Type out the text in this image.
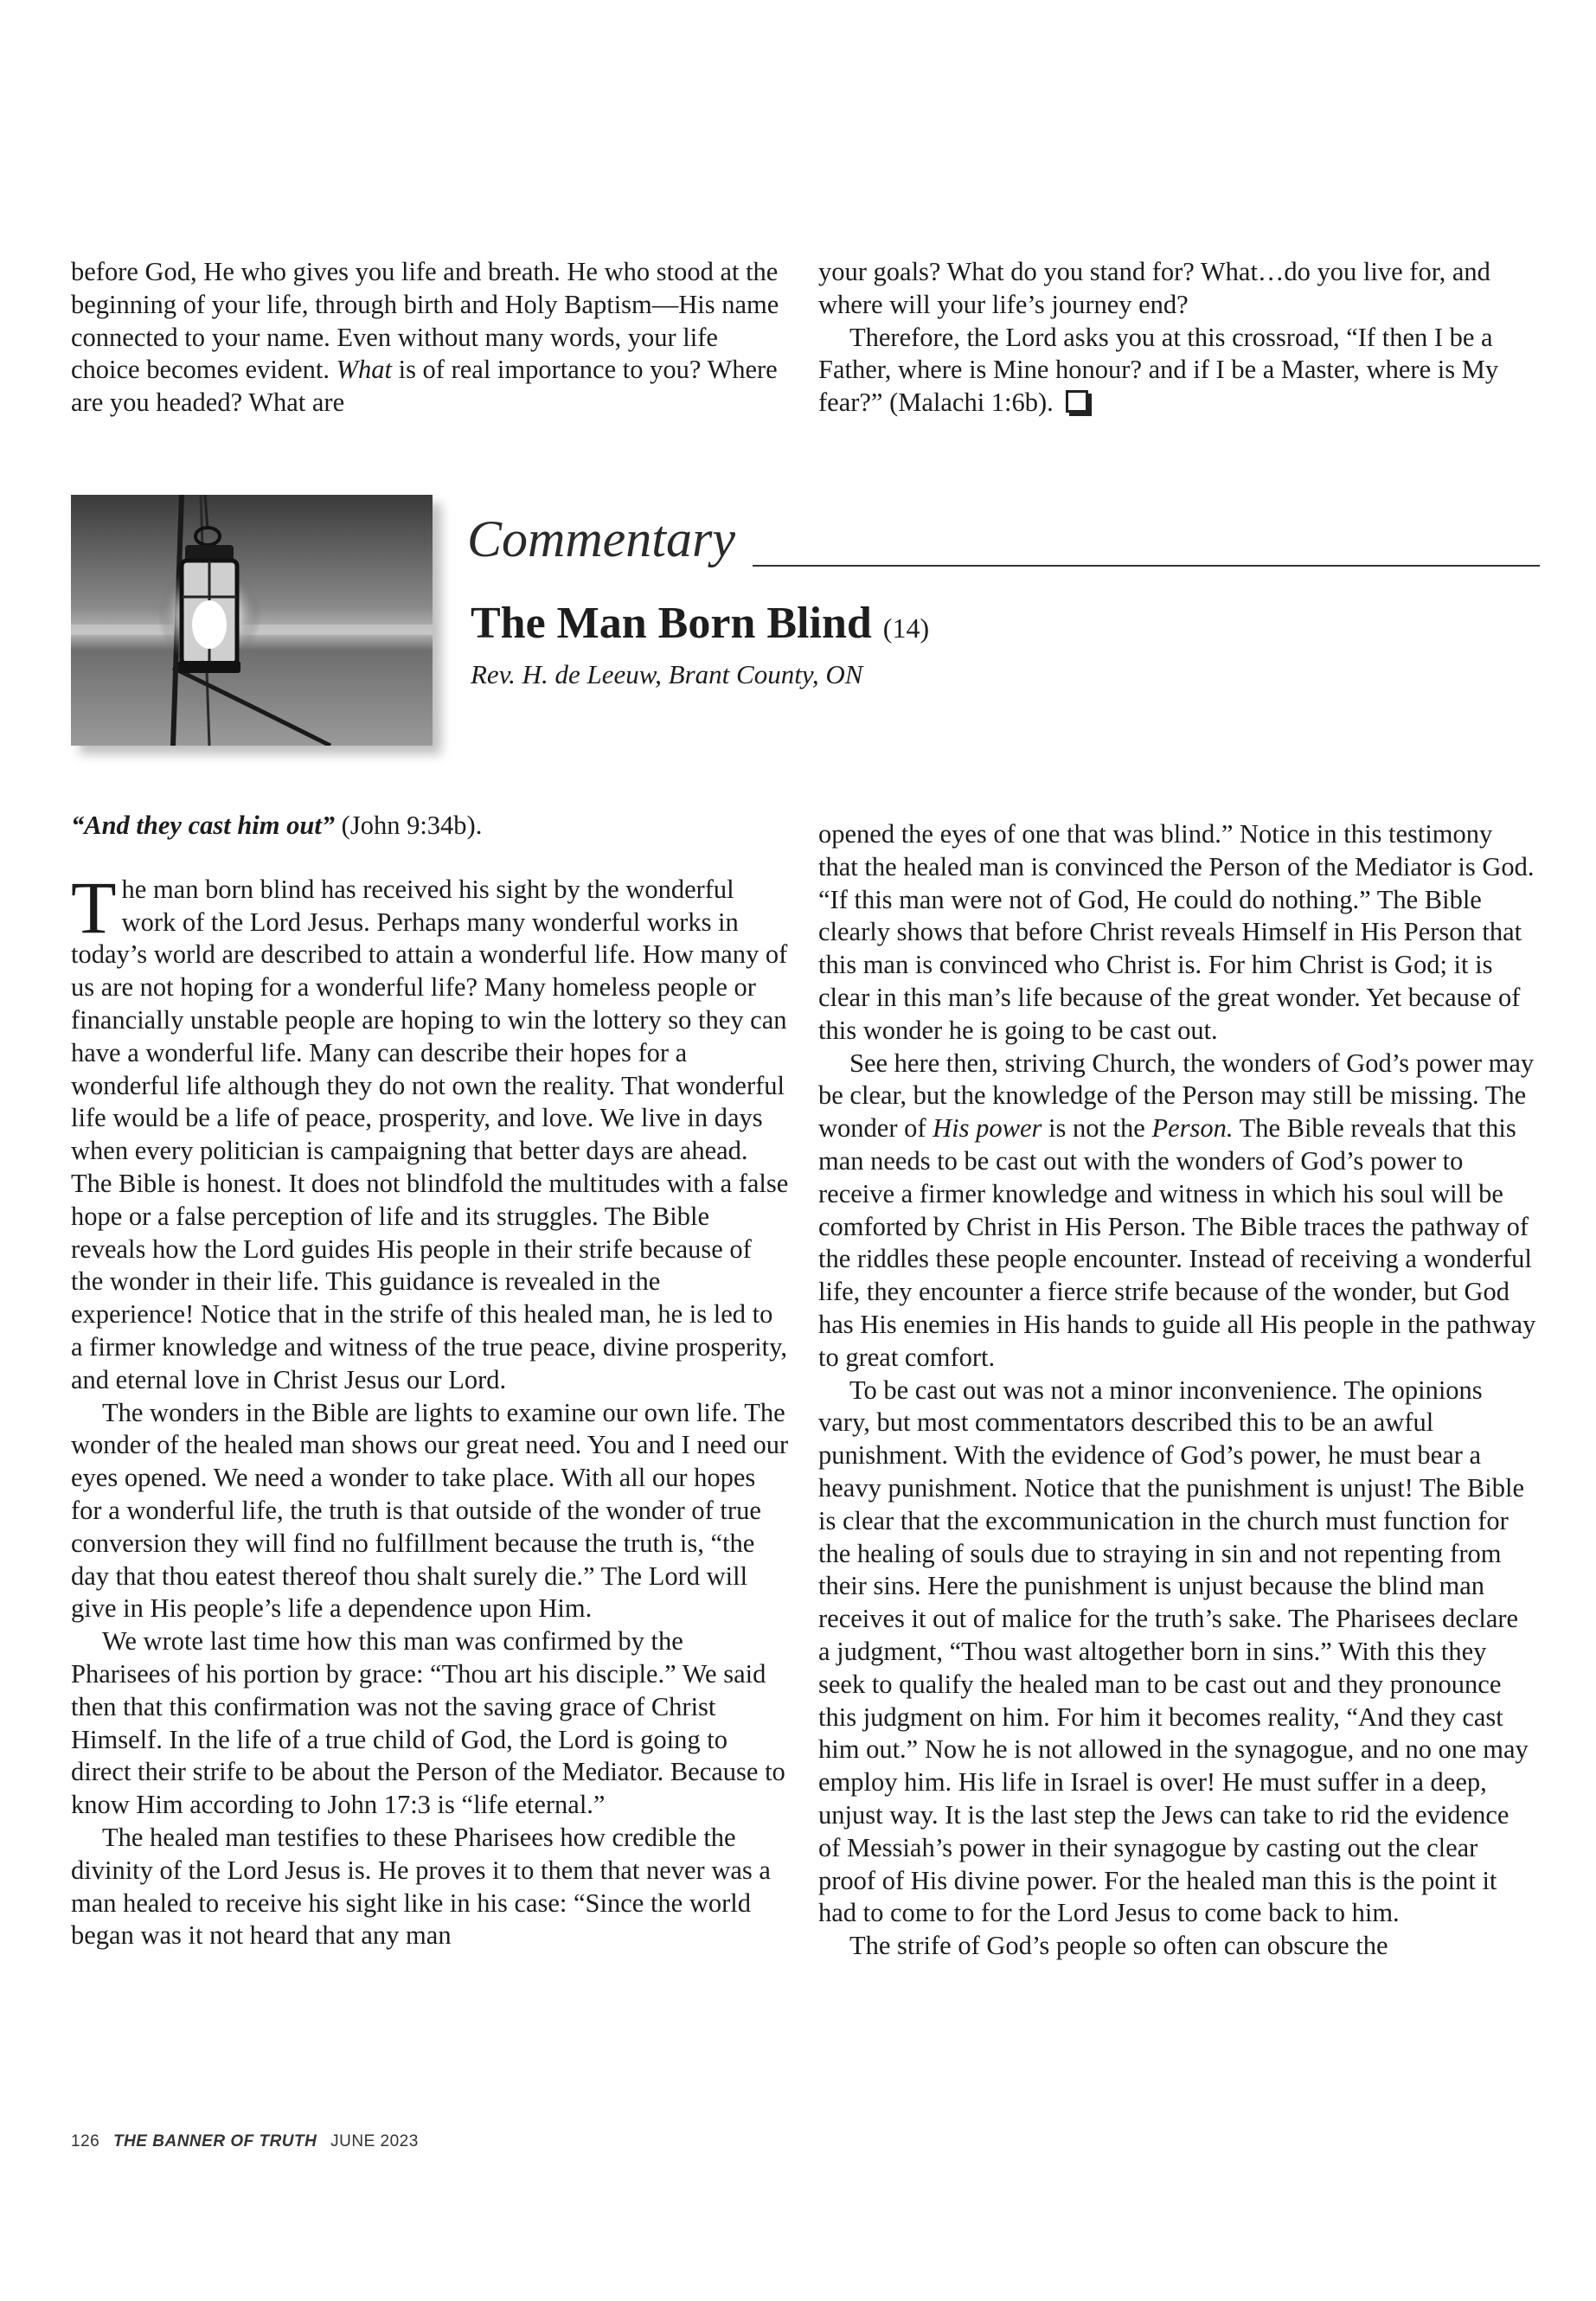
before God, He who gives you life and breath. He who stood at the beginning of your life, through birth and Holy Baptism—His name connected to your name. Even without many words, your life choice becomes evident. What is of real importance to you? Where are you headed? What are

your goals? What do you stand for? What…do you live for, and where will your life’s journey end?

Therefore, the Lord asks you at this crossroad, “If then I be a Father, where is Mine honour? and if I be a Master, where is My fear?” (Malachi 1:6b).

Commentary
The Man Born Blind (14)
Rev. H. de Leeuw, Brant County, ON

“And they cast him out” (John 9:34b).

The man born blind has received his sight by the wonderful work of the Lord Jesus. Perhaps many wonderful works in today’s world are described to attain a wonderful life. How many of us are not hoping for a wonderful life? Many homeless people or financially unstable people are hoping to win the lottery so they can have a wonderful life. Many can describe their hopes for a wonderful life although they do not own the reality. That wonderful life would be a life of peace, prosperity, and love. We live in days when every politician is campaigning that better days are ahead. The Bible is honest. It does not blindfold the multitudes with a false hope or a false perception of life and its struggles. The Bible reveals how the Lord guides His people in their strife because of the wonder in their life. This guidance is revealed in the experience! Notice that in the strife of this healed man, he is led to a firmer knowledge and witness of the true peace, divine prosperity, and eternal love in Christ Jesus our Lord.

The wonders in the Bible are lights to examine our own life. The wonder of the healed man shows our great need. You and I need our eyes opened. We need a wonder to take place. With all our hopes for a wonderful life, the truth is that outside of the wonder of true conversion they will find no fulfillment because the truth is, “the day that thou eatest thereof thou shalt surely die.” The Lord will give in His people’s life a dependence upon Him.

We wrote last time how this man was confirmed by the Pharisees of his portion by grace: “Thou art his disciple.” We said then that this confirmation was not the saving grace of Christ Himself. In the life of a true child of God, the Lord is going to direct their strife to be about the Person of the Mediator. Because to know Him according to John 17:3 is “life eternal.”

The healed man testifies to these Pharisees how credible the divinity of the Lord Jesus is. He proves it to them that never was a man healed to receive his sight like in his case: “Since the world began was it not heard that any man

opened the eyes of one that was blind.” Notice in this testimony that the healed man is convinced the Person of the Mediator is God. “If this man were not of God, He could do nothing.” The Bible clearly shows that before Christ reveals Himself in His Person that this man is convinced who Christ is. For him Christ is God; it is clear in this man’s life because of the great wonder. Yet because of this wonder he is going to be cast out.

See here then, striving Church, the wonders of God’s power may be clear, but the knowledge of the Person may still be missing. The wonder of His power is not the Person. The Bible reveals that this man needs to be cast out with the wonders of God’s power to receive a firmer knowledge and witness in which his soul will be comforted by Christ in His Person. The Bible traces the pathway of the riddles these people encounter. Instead of receiving a wonderful life, they encounter a fierce strife because of the wonder, but God has His enemies in His hands to guide all His people in the pathway to great comfort.

To be cast out was not a minor inconvenience. The opinions vary, but most commentators described this to be an awful punishment. With the evidence of God’s power, he must bear a heavy punishment. Notice that the punishment is unjust! The Bible is clear that the excommunication in the church must function for the healing of souls due to straying in sin and not repenting from their sins. Here the punishment is unjust because the blind man receives it out of malice for the truth’s sake. The Pharisees declare a judgment, “Thou wast altogether born in sins.” With this they seek to qualify the healed man to be cast out and they pronounce this judgment on him. For him it becomes reality, “And they cast him out.” Now he is not allowed in the synagogue, and no one may employ him. His life in Israel is over! He must suffer in a deep, unjust way. It is the last step the Jews can take to rid the evidence of Messiah’s power in their synagogue by casting out the clear proof of His divine power. For the healed man this is the point it had to come to for the Lord Jesus to come back to him.

The strife of God’s people so often can obscure the

126 THE BANNER OF TRUTH JUNE 2023
